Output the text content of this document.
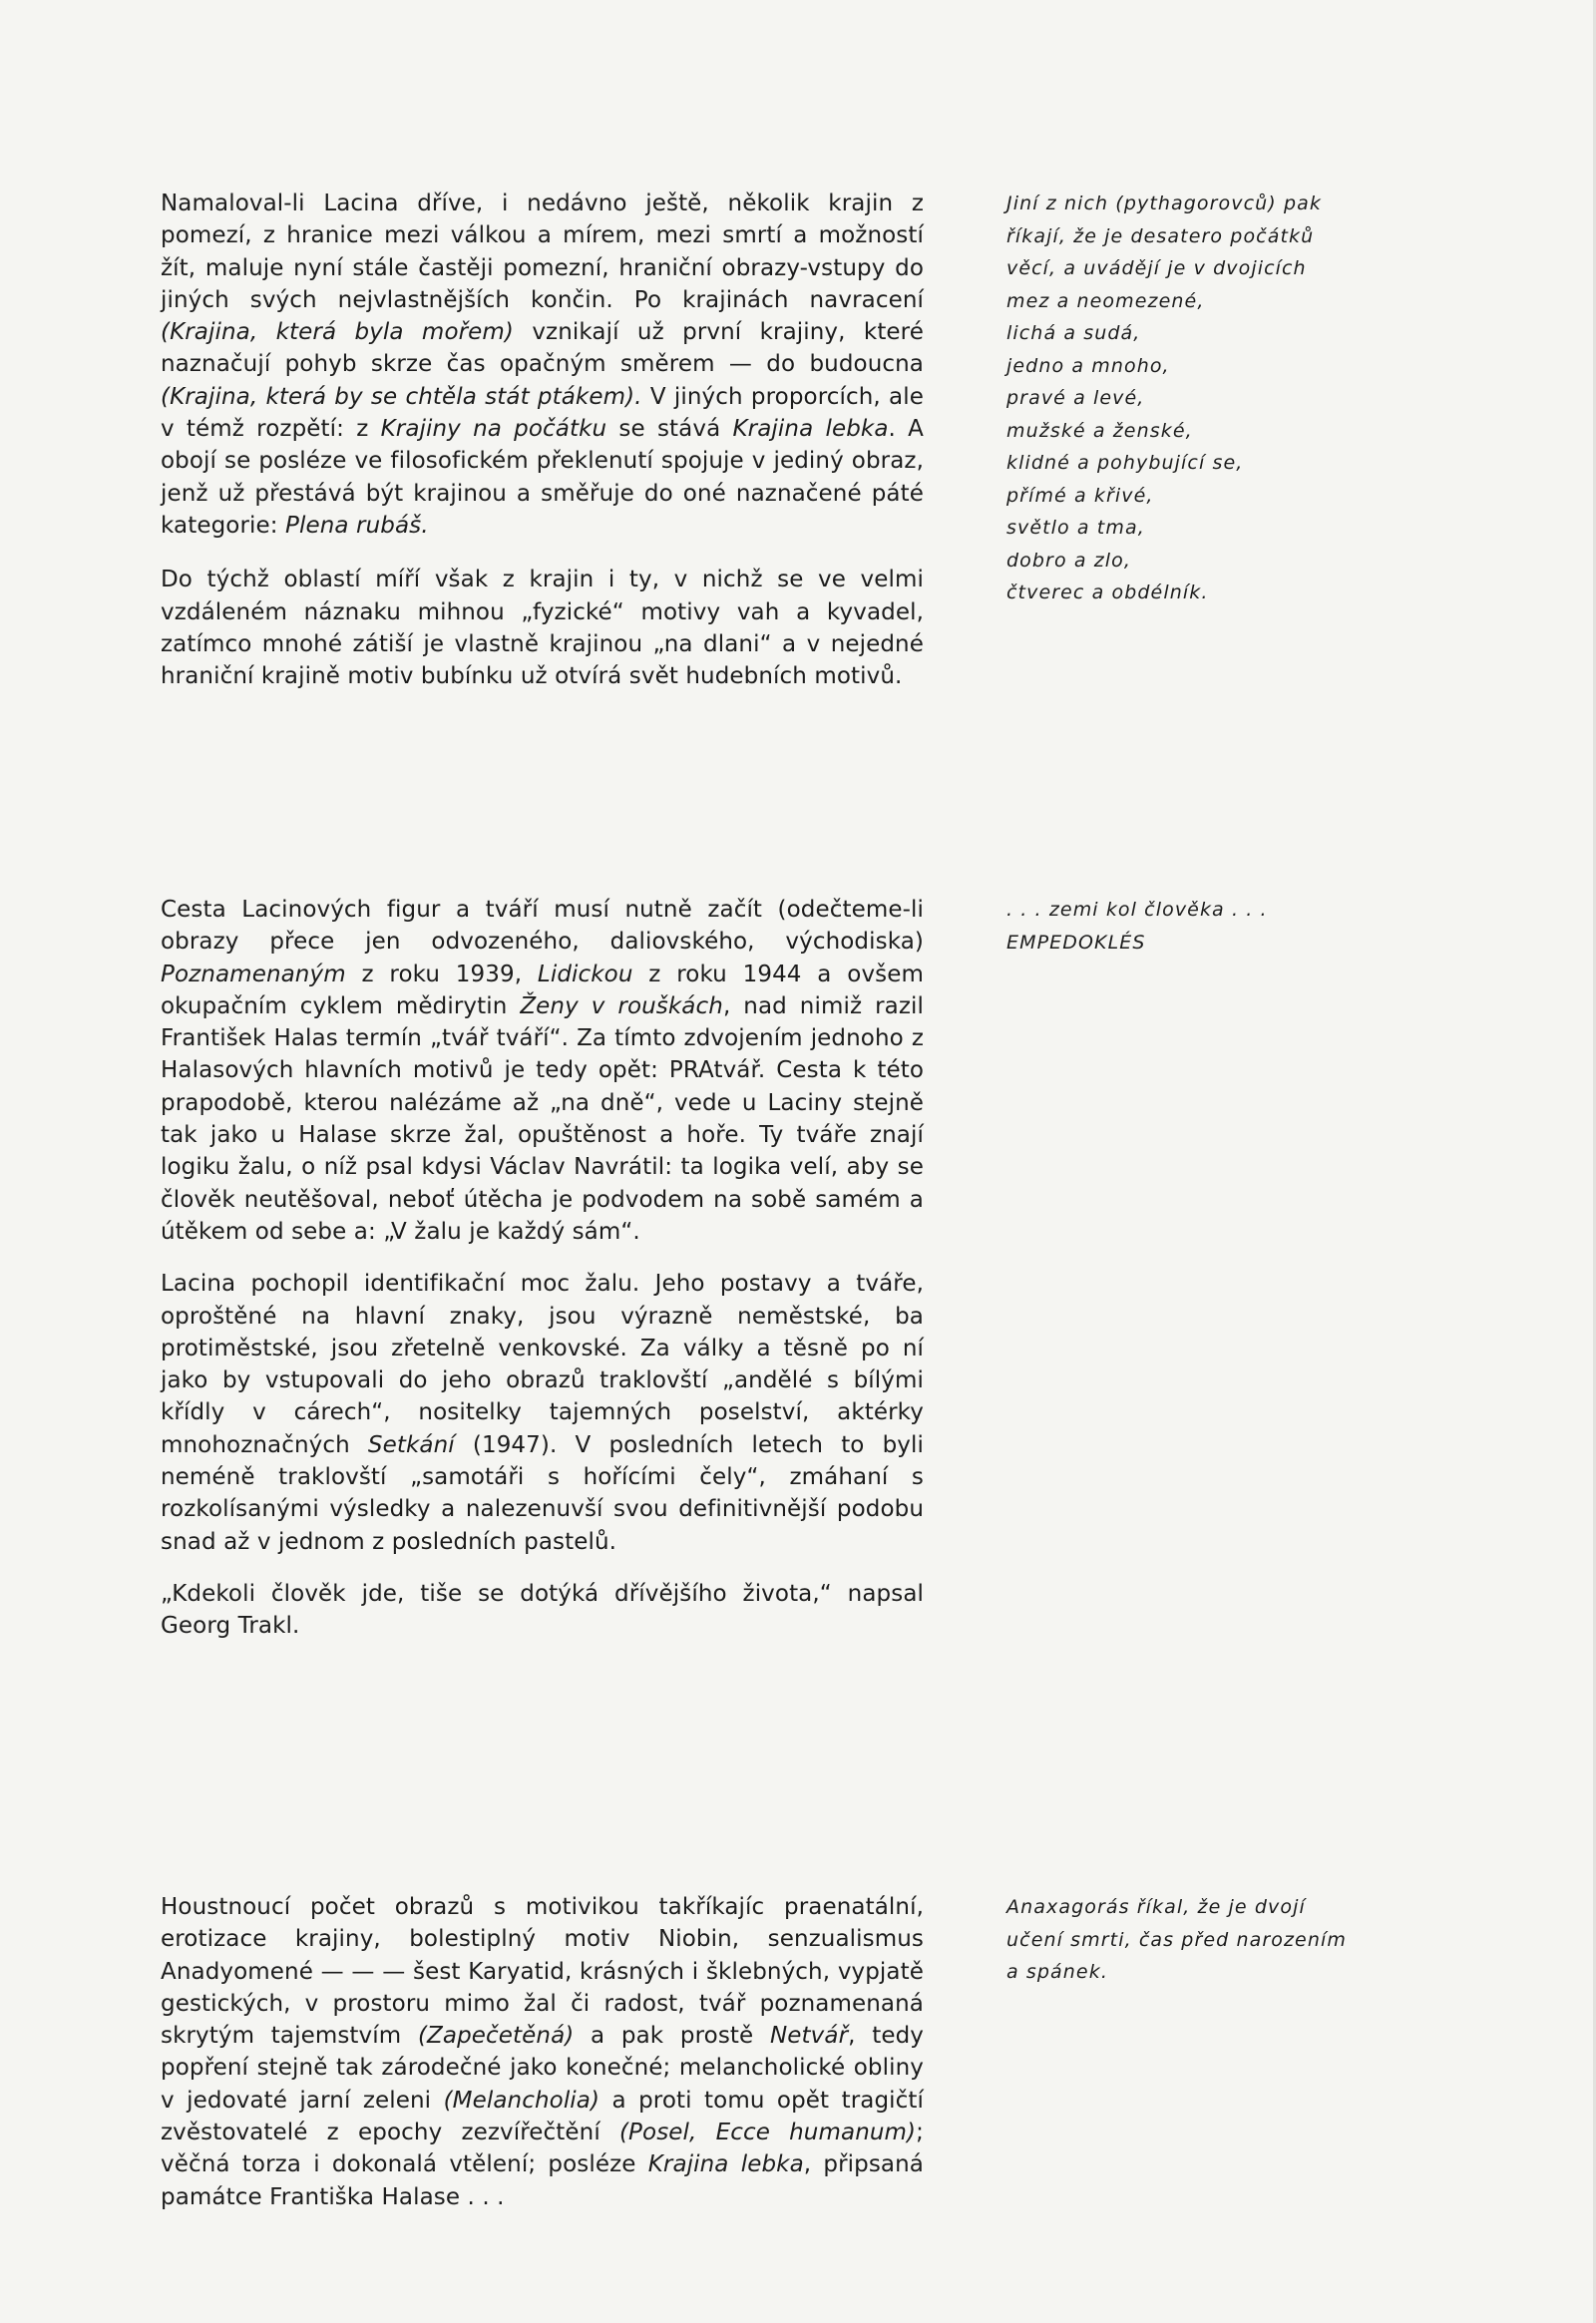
Namaloval-li Lacina dříve, i nedávno ještě, několik krajin z pomezí, z hranice mezi válkou a mírem, mezi smrtí a možností žít, maluje nyní stále častěji pomezní, hraniční obrazy-vstupy do jiných svých nejvlastnějších končin. Po krajinách navracení (Krajina, která byla mořem) vznikají už první krajiny, které naznačují pohyb skrze čas opačným směrem — do budoucna (Krajina, která by se chtěla stát ptákem). V jiných proporcích, ale v témž rozpětí: z Krajiny na počátku se stává Krajina lebka. A obojí se posléze ve filosofickém překlenutí spojuje v jediný obraz, jenž už přestává být krajinou a směřuje do oné naznačené páté kategorie: Plena rubáš.

Do týchž oblastí míří však z krajin i ty, v nichž se ve velmi vzdáleném náznaku mihnou „fyzické“ motivy vah a kyvadel, zatímco mnohé zátiší je vlastně krajinou „na dlani“ a v nejedné hraniční krajině motiv bubínku už otvírá svět hudebních motivů.

Jiní z nich (pythagorovců) pak
říkají, že je desatero počátků
věcí, a uvádějí je v dvojicích
mez a neomezené,
lichá a sudá,
jedno a mnoho,
pravé a levé,
mužské a ženské,
klidné a pohybující se,
přímé a křivé,
světlo a tma,
dobro a zlo,
čtverec a obdélník.

Cesta Lacinových figur a tváří musí nutně začít (odečteme-li obrazy přece jen odvozeného, daliovského, východiska) Poznamenaným z roku 1939, Lidickou z roku 1944 a ovšem okupačním cyklem mědirytin Ženy v rouškách, nad nimiž razil František Halas termín „tvář tváří“. Za tímto zdvojením jednoho z Halasových hlavních motivů je tedy opět: PRAtvář. Cesta k této prapodobě, kterou nalézáme až „na dně“, vede u Laciny stejně tak jako u Halase skrze žal, opuštěnost a hoře. Ty tváře znají logiku žalu, o níž psal kdysi Václav Navrátil: ta logika velí, aby se člověk neutěšoval, neboť útěcha je podvodem na sobě samém a útěkem od sebe a: „V žalu je každý sám“.

Lacina pochopil identifikační moc žalu. Jeho postavy a tváře, oproštěné na hlavní znaky, jsou výrazně neměstské, ba protiměstské, jsou zřetelně venkovské. Za války a těsně po ní jako by vstupovali do jeho obrazů traklovští „andělé s bílými křídly v cárech“, nositelky tajemných poselství, aktérky mnohoznačných Setkání (1947). V posledních letech to byli neméně traklovští „samotáři s hořícími čely“, zmáhaní s rozkolísanými výsledky a nalezenuvší svou definitivnější podobu snad až v jednom z posledních pastelů.

„Kdekoli člověk jde, tiše se dotýká dřívějšího života,“ napsal Georg Trakl.

. . . zemi kol člověka . . .
EMPEDOKLÉS

Houstnoucí počet obrazů s motivikou takříkajíc praenatální, erotizace krajiny, bolestiplný motiv Niobin, senzualismus Anadyomené — — — šest Karyatid, krásných i šklebných, vypjatě gestických, v prostoru mimo žal či radost, tvář poznamenaná skrytým tajemstvím (Zapečetěná) a pak prostě Netvář, tedy popření stejně tak zárodečné jako konečné; melancholické obliny v jedovaté jarní zeleni (Melancholia) a proti tomu opět tragičtí zvěstovatelé z epochy zezvířečtění (Posel, Ecce humanum); věčná torza i dokonalá vtělení; posléze Krajina lebka, připsaná památce Františka Halase . . .

Anaxagorás říkal, že je dvojí
učení smrti, čas před narozením
a spánek.
